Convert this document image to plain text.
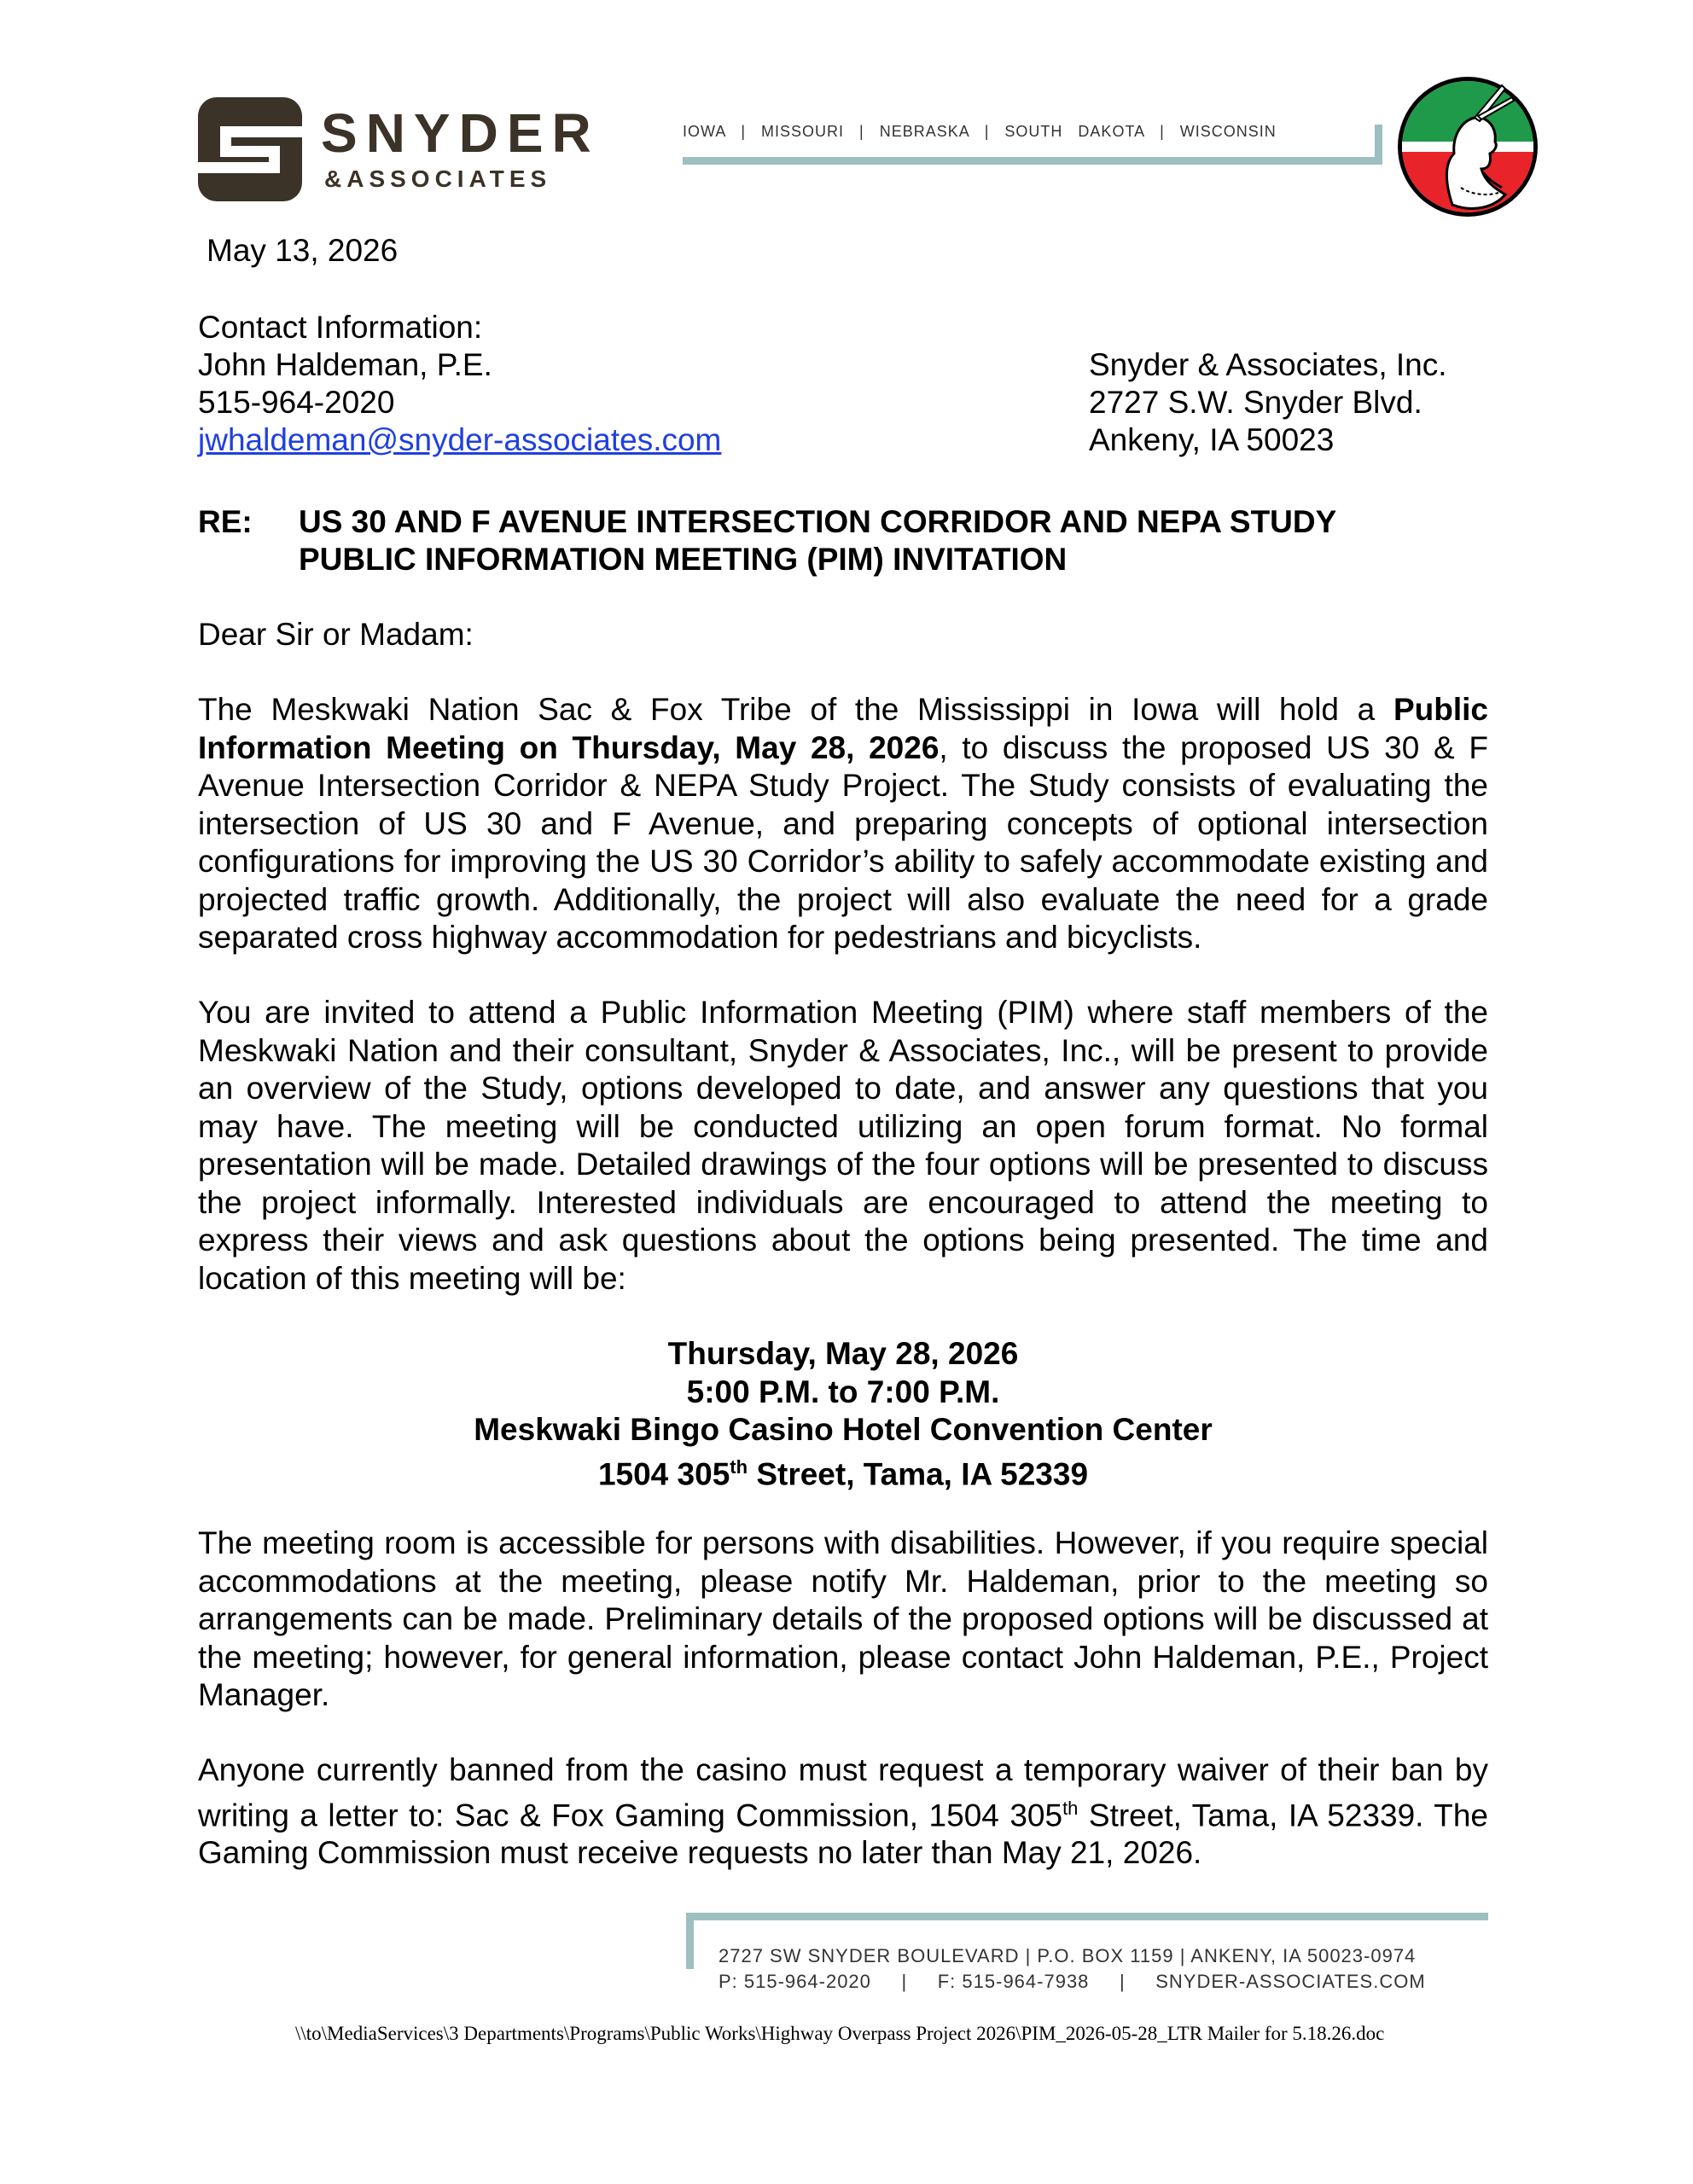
SNYDER
&ASSOCIATES
IOWA   |   MISSOURI   |   NEBRASKA   |   SOUTH   DAKOTA   |   WISCONSIN
May 13, 2026
Contact Information:
John Haldeman, P.E.
515-964-2020
jwhaldeman@snyder-associates.com
Snyder & Associates, Inc.
2727 S.W. Snyder Blvd.
Ankeny, IA 50023
RE: US 30 AND F AVENUE INTERSECTION CORRIDOR AND NEPA STUDY
PUBLIC INFORMATION MEETING (PIM) INVITATION
Dear Sir or Madam:
The Meskwaki Nation Sac & Fox Tribe of the Mississippi in Iowa will hold a Public Information Meeting on Thursday, May 28, 2026, to discuss the proposed US 30 & F Avenue Intersection Corridor & NEPA Study Project. The Study consists of evaluating the intersection of US 30 and F Avenue, and preparing concepts of optional intersection configurations for improving the US 30 Corridor’s ability to safely accommodate existing and projected traffic growth. Additionally, the project will also evaluate the need for a grade separated cross highway accommodation for pedestrians and bicyclists.
You are invited to attend a Public Information Meeting (PIM) where staff members of the Meskwaki Nation and their consultant, Snyder & Associates, Inc., will be present to provide an overview of the Study, options developed to date, and answer any questions that you may have. The meeting will be conducted utilizing an open forum format. No formal presentation will be made. Detailed drawings of the four options will be presented to discuss the project informally. Interested individuals are encouraged to attend the meeting to express their views and ask questions about the options being presented. The time and location of this meeting will be:
Thursday, May 28, 2026
5:00 P.M. to 7:00 P.M.
Meskwaki Bingo Casino Hotel Convention Center
1504 305th Street, Tama, IA 52339
The meeting room is accessible for persons with disabilities. However, if you require special accommodations at the meeting, please notify Mr. Haldeman, prior to the meeting so arrangements can be made. Preliminary details of the proposed options will be discussed at the meeting; however, for general information, please contact John Haldeman, P.E., Project Manager.
Anyone currently banned from the casino must request a temporary waiver of their ban by writing a letter to: Sac & Fox Gaming Commission, 1504 305th Street, Tama, IA 52339. The Gaming Commission must receive requests no later than May 21, 2026.
2727 SW SNYDER BOULEVARD | P.O. BOX 1159 | ANKENY, IA 50023-0974
P: 515-964-2020     |     F: 515-964-7938     |     SNYDER-ASSOCIATES.COM
\\to\MediaServices\3 Departments\Programs\Public Works\Highway Overpass Project 2026\PIM_2026-05-28_LTR Mailer for 5.18.26.doc
